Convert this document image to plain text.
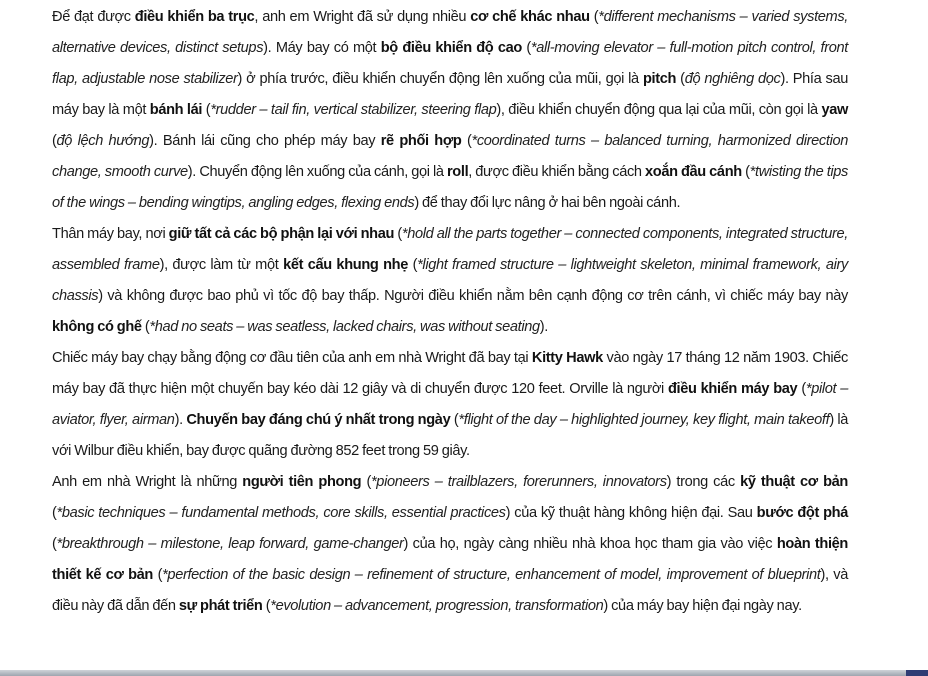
Để đạt được điều khiển ba trục, anh em Wright đã sử dụng nhiều cơ chế khác nhau (*different mechanisms – varied systems, alternative devices, distinct setups). Máy bay có một bộ điều khiển độ cao (*all-moving elevator – full-motion pitch control, front flap, adjustable nose stabilizer) ở phía trước, điều khiển chuyển động lên xuống của mũi, gọi là pitch (độ nghiêng dọc). Phía sau máy bay là một bánh lái (*rudder – tail fin, vertical stabilizer, steering flap), điều khiển chuyển động qua lại của mũi, còn gọi là yaw (độ lệch hướng). Bánh lái cũng cho phép máy bay rẽ phối hợp (*coordinated turns – balanced turning, harmonized direction change, smooth curve). Chuyển động lên xuống của cánh, gọi là roll, được điều khiển bằng cách xoắn đầu cánh (*twisting the tips of the wings – bending wingtips, angling edges, flexing ends) để thay đổi lực nâng ở hai bên ngoài cánh.

Thân máy bay, nơi giữ tất cả các bộ phận lại với nhau (*hold all the parts together – connected components, integrated structure, assembled frame), được làm từ một kết cấu khung nhẹ (*light framed structure – lightweight skeleton, minimal framework, airy chassis) và không được bao phủ vì tốc độ bay thấp. Người điều khiển nằm bên cạnh động cơ trên cánh, vì chiếc máy bay này không có ghế (*had no seats – was seatless, lacked chairs, was without seating).

Chiếc máy bay chạy bằng động cơ đầu tiên của anh em nhà Wright đã bay tại Kitty Hawk vào ngày 17 tháng 12 năm 1903. Chiếc máy bay đã thực hiện một chuyến bay kéo dài 12 giây và di chuyển được 120 feet. Orville là người điều khiển máy bay (*pilot – aviator, flyer, airman). Chuyến bay đáng chú ý nhất trong ngày (*flight of the day – highlighted journey, key flight, main takeoff) là với Wilbur điều khiển, bay được quãng đường 852 feet trong 59 giây.

Anh em nhà Wright là những người tiên phong (*pioneers – trailblazers, forerunners, innovators) trong các kỹ thuật cơ bản (*basic techniques – fundamental methods, core skills, essential practices) của kỹ thuật hàng không hiện đại. Sau bước đột phá (*breakthrough – milestone, leap forward, game-changer) của họ, ngày càng nhiều nhà khoa học tham gia vào việc hoàn thiện thiết kế cơ bản (*perfection of the basic design – refinement of structure, enhancement of model, improvement of blueprint), và điều này đã dẫn đến sự phát triển (*evolution – advancement, progression, transformation) của máy bay hiện đại ngày nay.
